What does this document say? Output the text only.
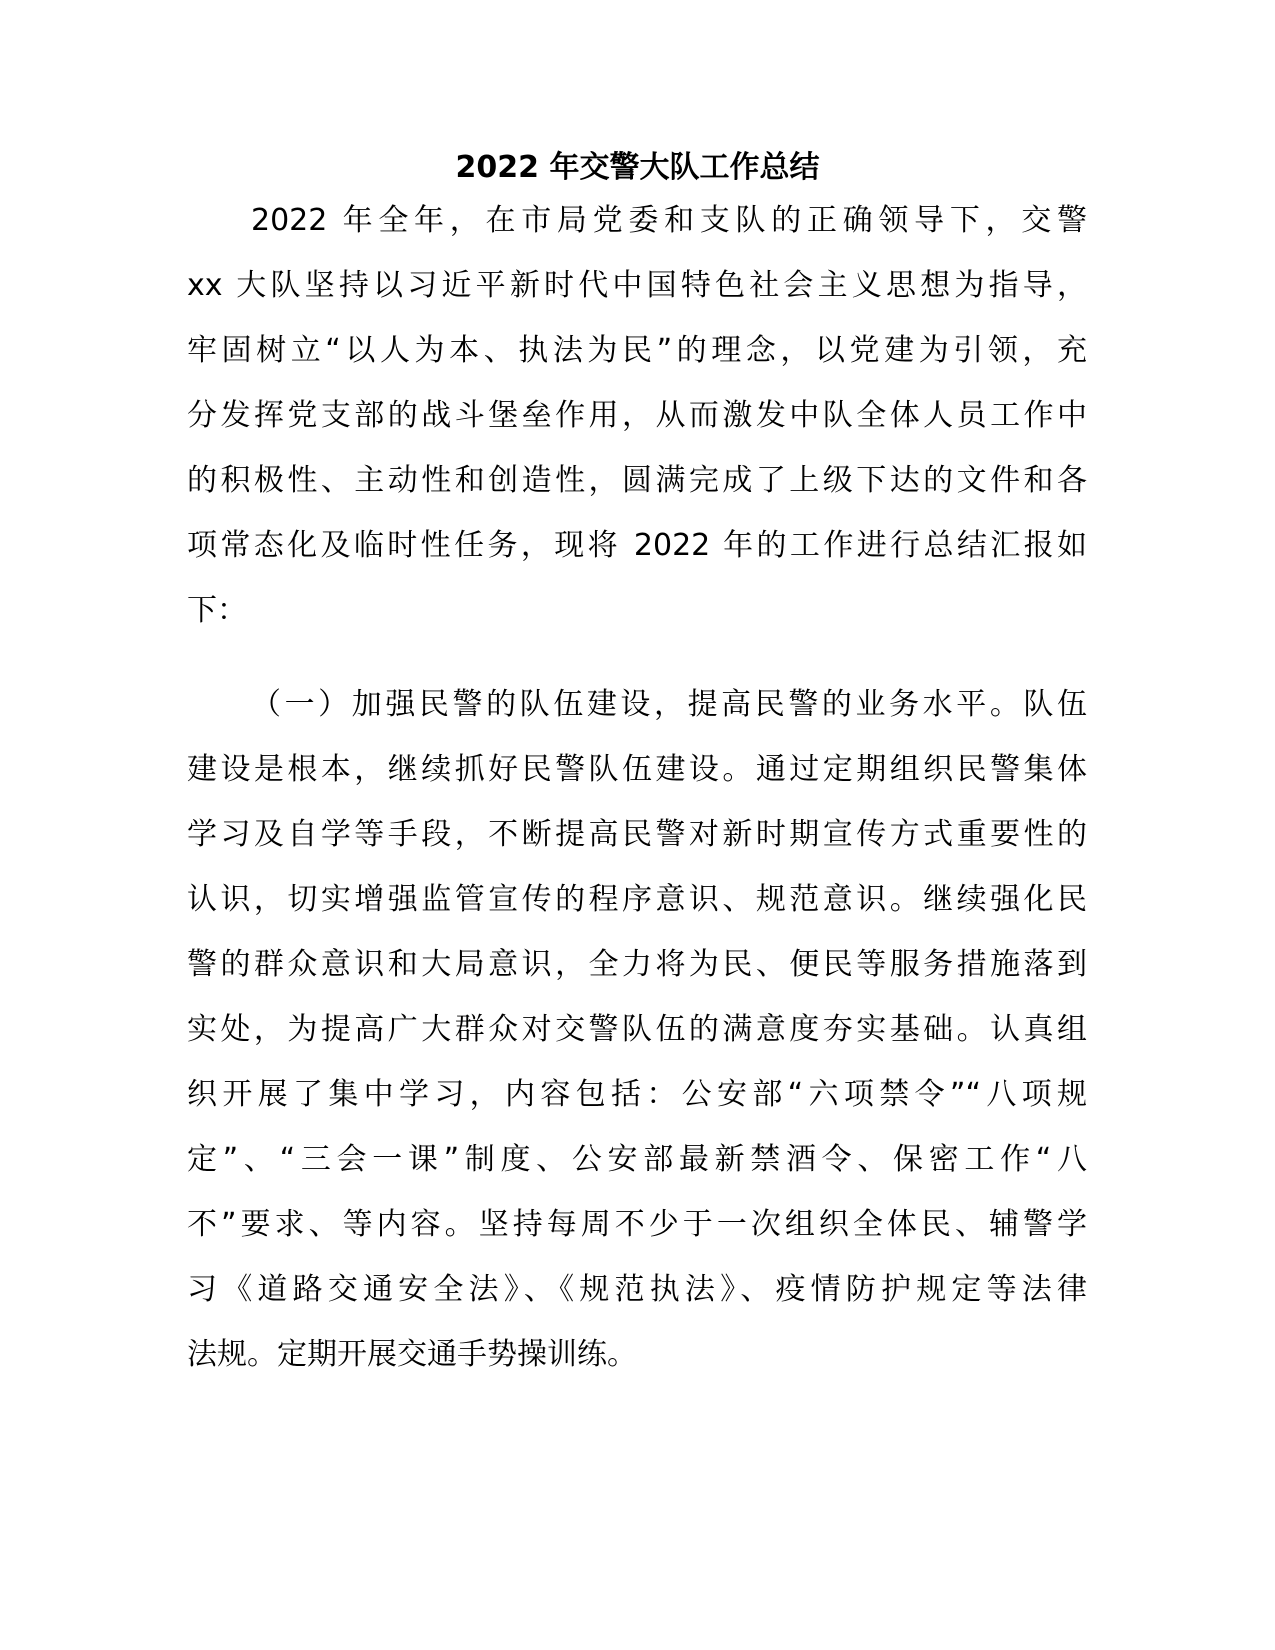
2022 年交警大队工作总结
2022 年全年，在市局党委和支队的正确领导下，交警
xx 大队坚持以习近平新时代中国特色社会主义思想为指导，
牢固树立“以人为本、执法为民”的理念，以党建为引领，充
分发挥党支部的战斗堡垒作用，从而激发中队全体人员工作中
的积极性、主动性和创造性，圆满完成了上级下达的文件和各
项常态化及临时性任务，现将 2022 年的工作进行总结汇报如
下：
（一）加强民警的队伍建设，提高民警的业务水平。队伍
建设是根本，继续抓好民警队伍建设。通过定期组织民警集体
学习及自学等手段，不断提高民警对新时期宣传方式重要性的
认识，切实增强监管宣传的程序意识、规范意识。继续强化民
警的群众意识和大局意识，全力将为民、便民等服务措施落到
实处，为提高广大群众对交警队伍的满意度夯实基础。认真组
织开展了集中学习，内容包括：公安部“六项禁令”“八项规
定”、“三会一课”制度、公安部最新禁酒令、保密工作“八
不”要求、等内容。坚持每周不少于一次组织全体民、辅警学
习《道路交通安全法》、《规范执法》、疫情防护规定等法律
法规。定期开展交通手势操训练。
